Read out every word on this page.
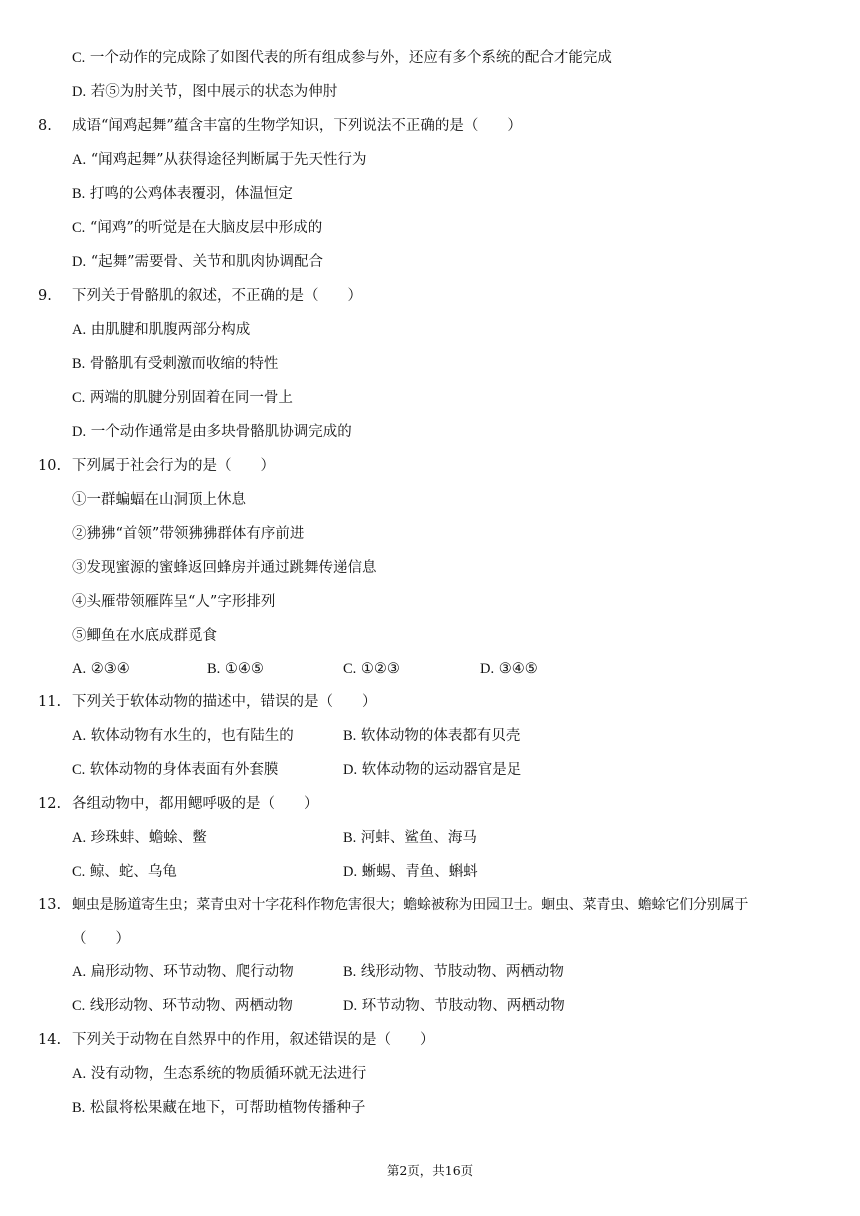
C. 一个动作的完成除了如图代表的所有组成参与外，还应有多个系统的配合才能完成
D. 若⑤为肘关节，图中展示的状态为伸肘
8. 成语“闻鸡起舞”蕴含丰富的生物学知识，下列说法不正确的是（　　）
A. “闻鸡起舞”从获得途径判断属于先天性行为
B. 打鸣的公鸡体表覆羽，体温恒定
C. “闻鸡”的听觉是在大脑皮层中形成的
D. “起舞”需要骨、关节和肌肉协调配合
9. 下列关于骨骼肌的叙述，不正确的是（　　）
A. 由肌腱和肌腹两部分构成
B. 骨骼肌有受刺激而收缩的特性
C. 两端的肌腱分别固着在同一骨上
D. 一个动作通常是由多块骨骼肌协调完成的
10. 下列属于社会行为的是（　　）
①一群蝙蝠在山洞顶上休息
②狒狒“首领”带领狒狒群体有序前进
③发现蜜源的蜜蜂返回蜂房并通过跳舞传递信息
④头雁带领雁阵呈“人”字形排列
⑤鲫鱼在水底成群觅食
A. ②③④	B. ①④⑤	C. ①②③	D. ③④⑤
11. 下列关于软体动物的描述中，错误的是（　　）
A. 软体动物有水生的，也有陆生的	B. 软体动物的体表都有贝壳
C. 软体动物的身体表面有外套膜	D. 软体动物的运动器官是足
12. 各组动物中，都用鳃呼吸的是（　　）
A. 珍珠蚌、蟾蜍、鳖	B. 河蚌、鲨鱼、海马
C. 鲸、蛇、乌龟	D. 蜥蜴、青鱼、蝌蚪
13. 蛔虫是肠道寄生虫；菜青虫对十字花科作物危害很大；蟾蜍被称为田园卫士。蛔虫、菜青虫、蟾蜍它们分别属于
（　　）
A. 扁形动物、环节动物、爬行动物	B. 线形动物、节肢动物、两栖动物
C. 线形动物、环节动物、两栖动物	D. 环节动物、节肢动物、两栖动物
14. 下列关于动物在自然界中的作用，叙述错误的是（　　）
A. 没有动物，生态系统的物质循环就无法进行
B. 松鼠将松果藏在地下，可帮助植物传播种子
第2页，共16页
